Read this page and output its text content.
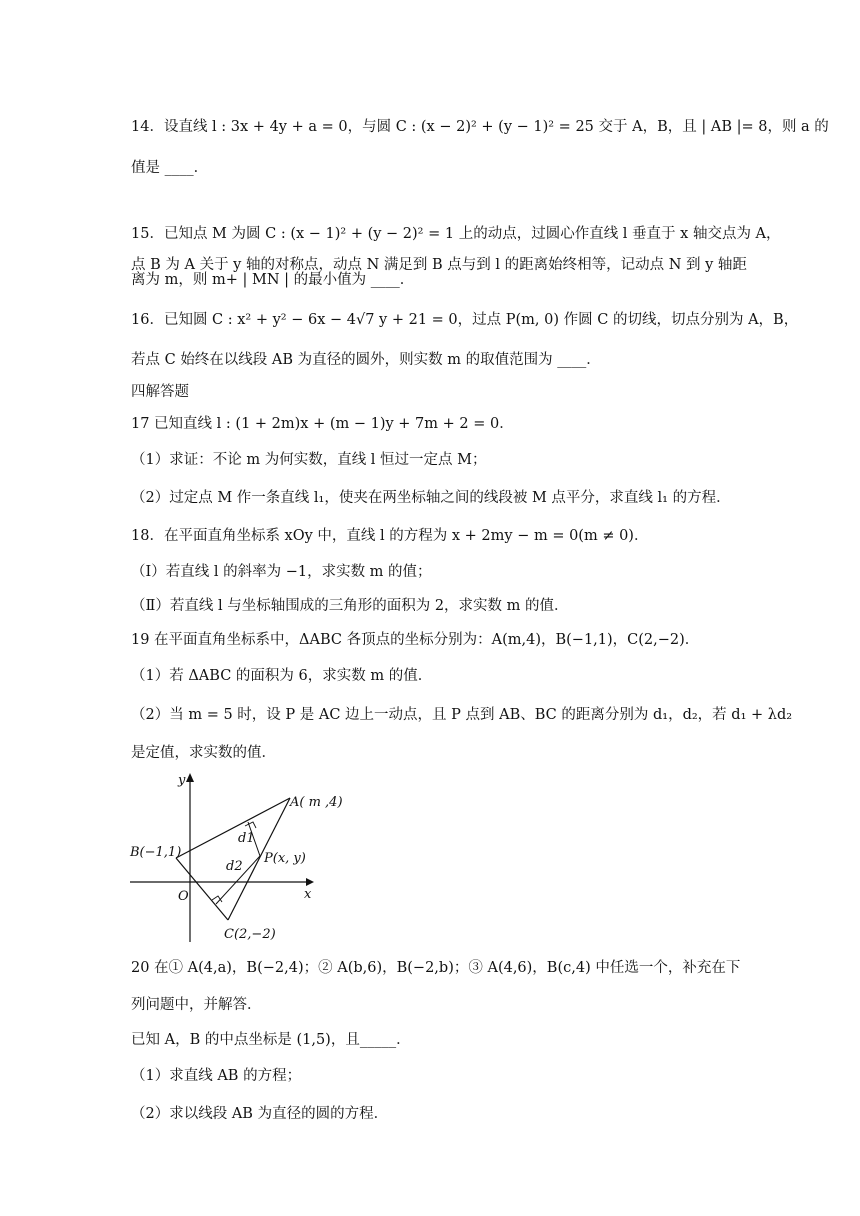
14．设直线 l : 3x + 4y + a = 0，与圆 C : (x − 2)² + (y − 1)² = 25 交于 A，B，且 | AB |= 8，则 a 的
值是 ____．
15．已知点 M 为圆 C : (x − 1)² + (y − 2)² = 1 上的动点，过圆心作直线 l 垂直于 x 轴交点为 A，
点 B 为 A 关于 y 轴的对称点，动点 N 满足到 B 点与到 l 的距离始终相等，记动点 N 到 y 轴距
离为 m，则 m+ | MN | 的最小值为 ____．
16．已知圆 C : x² + y² − 6x − 4√7 y + 21 = 0，过点 P(m, 0) 作圆 C 的切线，切点分别为 A，B，
若点 C 始终在以线段 AB 为直径的圆外，则实数 m 的取值范围为 ____．
四解答题
17 已知直线 l : (1 + 2m)x + (m − 1)y + 7m + 2 = 0．
（1）求证：不论 m 为何实数，直线 l 恒过一定点 M；
（2）过定点 M 作一条直线 l₁，使夹在两坐标轴之间的线段被 M 点平分，求直线 l₁ 的方程．
18．在平面直角坐标系 xOy 中，直线 l 的方程为 x + 2my − m = 0(m ≠ 0)．
（Ⅰ）若直线 l 的斜率为 −1，求实数 m 的值；
（Ⅱ）若直线 l 与坐标轴围成的三角形的面积为 2，求实数 m 的值．
19 在平面直角坐标系中，ΔABC 各顶点的坐标分别为：A(m,4)，B(−1,1)，C(2,−2)．
（1）若 ΔABC 的面积为 6，求实数 m 的值．
（2）当 m = 5 时，设 P 是 AC 边上一动点，且 P 点到 AB、BC 的距离分别为 d₁，d₂，若 d₁ + λd₂
是定值，求实数的值．
y
x
O
A( m ,4)
B(−1,1)
C(2,−2)
P(x, y)
d1
d2
20 在① A(4,a)，B(−2,4)；② A(b,6)，B(−2,b)；③ A(4,6)，B(c,4) 中任选一个，补充在下
列问题中，并解答．
已知 A，B 的中点坐标是 (1,5)，且_____．
（1）求直线 AB 的方程；
（2）求以线段 AB 为直径的圆的方程．
